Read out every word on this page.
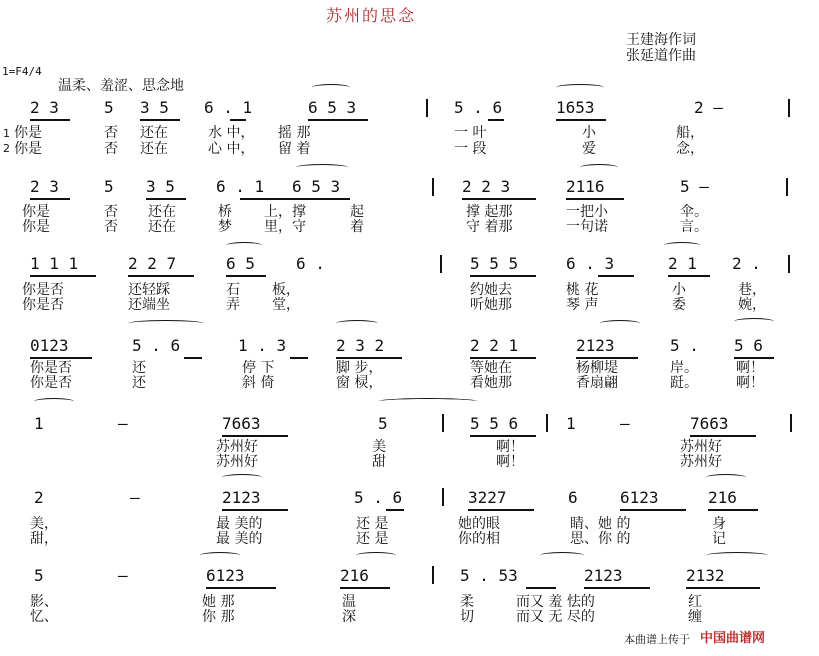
苏州的思念
王建海作词
张延道作曲
1=F4/4
温柔、羞涩、思念地
2 3	5 3 5 6 . 1	6 5 3	5 . 6	1653	2 —
1
2
你是	否 还在	水 中， 摇 那	一 叶	小	船，
你是	否 还在	心 中， 留 着	一 段	爱	念，
2 3	5 3 5	6 . 1 6 5 3	2 2 3	2116	5 —
你是	否 还在	桥 上，撑	起	撑 起那	一把小	伞。
你是	否 还在	梦 里，守	着	守 着那	一句诺	言。
1 1 1	2 2 7	6 5	6 .	5 5 5	6 . 3	2 1 2 .
你是否	还轻踩	石 板，	约她去	桃 花	小	巷，
你是否	还端坐	弄 堂，	听她那	琴 声	委	婉，
0123	5 . 6	1 . 3	2 3 2	2 2 1	2123	5 . 5 6
你是否	还	停 下	脚 步，	等她在	杨柳堤	岸。	啊！
你是否	还	斜 倚	窗 棂，	看她那	香扇翩	跹。	啊！
1	—	7663	5	5 5 6	1	—	7663
苏州好	美	啊！	苏州好
苏州好	甜	啊！	苏州好
2	—	2123	5 . 6	3227	6	6123	216
美，	最 美的	还 是	她的眼	睛、她 的	身
甜，	最 美的	还 是	你的相	思、你 的	记
5	—	6123	216	5 . 53	2123	2132
影、	她 那	温	柔	而又 羞 怯的	红
忆、	你 那	深	切	而又 无 尽的	缠
本曲谱上传于 中国曲谱网
